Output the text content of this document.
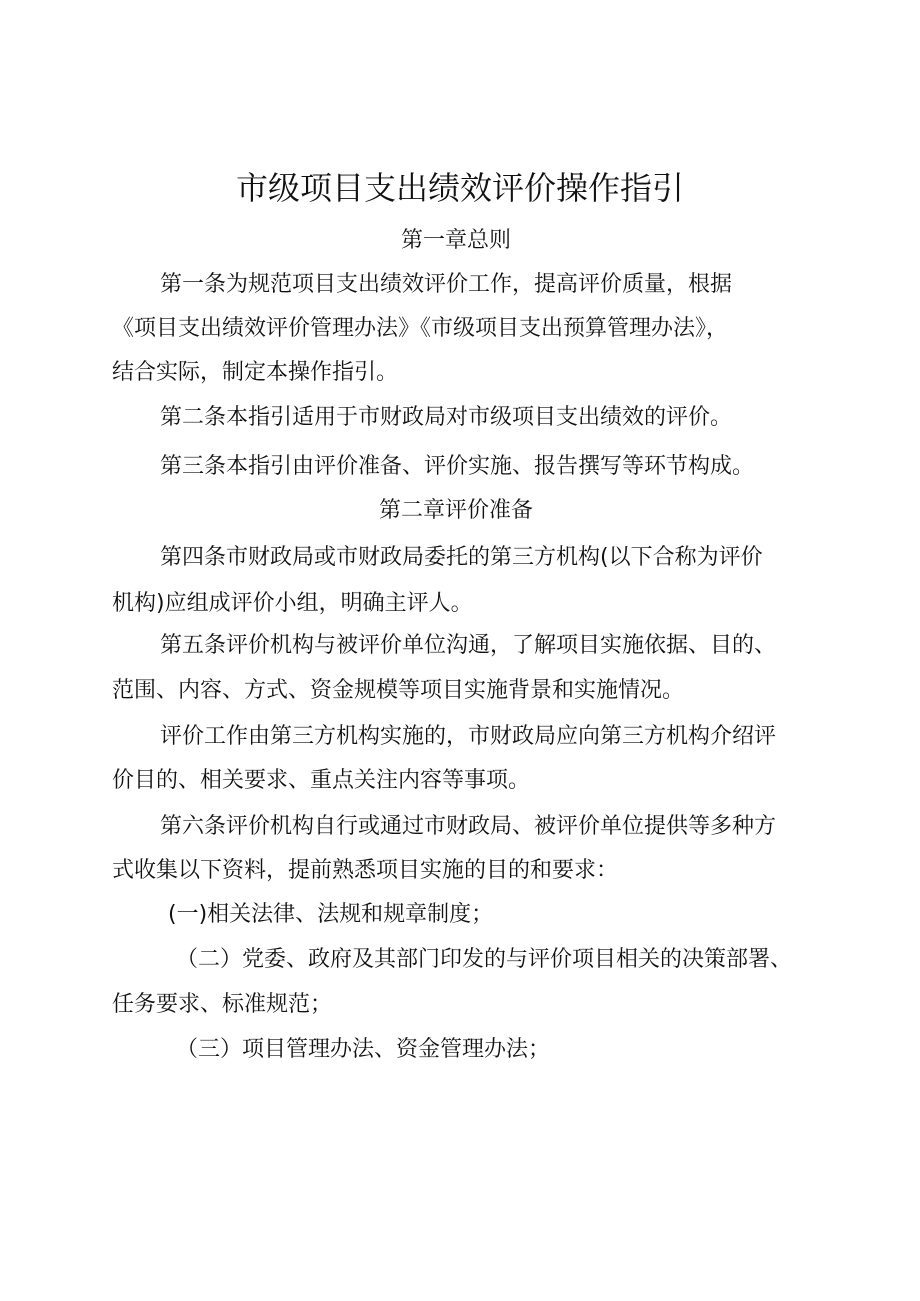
市级项目支出绩效评价操作指引
第一章总则

第一条为规范项目支出绩效评价工作，提高评价质量，根据

《项目支出绩效评价管理办法》《市级项目支出预算管理办法》，

结合实际，制定本操作指引。

第二条本指引适用于市财政局对市级项目支出绩效的评价。

第三条本指引由评价准备、评价实施、报告撰写等环节构成。

第二章评价准备

第四条市财政局或市财政局委托的第三方机构(以下合称为评价

机构)应组成评价小组，明确主评人。

第五条评价机构与被评价单位沟通，了解项目实施依据、目的、

范围、内容、方式、资金规模等项目实施背景和实施情况。

评价工作由第三方机构实施的，市财政局应向第三方机构介绍评

价目的、相关要求、重点关注内容等事项。

第六条评价机构自行或通过市财政局、被评价单位提供等多种方

式收集以下资料，提前熟悉项目实施的目的和要求：

(一)相关法律、法规和规章制度；

（二）党委、政府及其部门印发的与评价项目相关的决策部署、

任务要求、标准规范；

（三）项目管理办法、资金管理办法；
